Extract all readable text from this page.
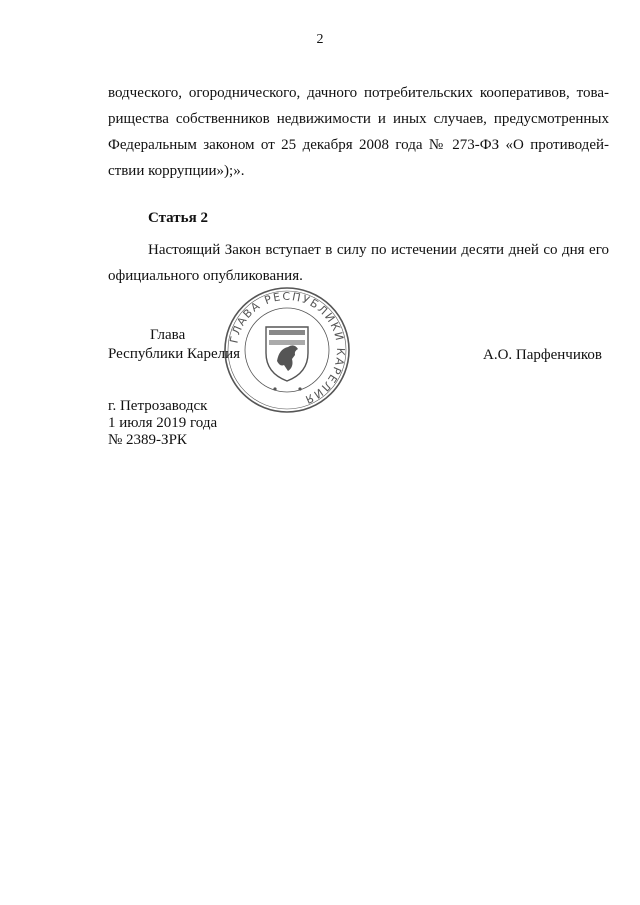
2
водческого, огороднического, дачного потребительских кооперативов, това-
рищества собственников недвижимости и иных случаев, предусмотренных
Федеральным законом от 25 декабря 2008 года № 273-ФЗ «О противодей-
ствии коррупции»);».
Статья 2
Настоящий Закон вступает в силу по истечении десяти дней со дня его
официального опубликования.
ГЛАВА РЕСПУБЛИКИ КАРЕЛИЯ
Глава
Республики Карелия	А.О. Парфенчиков
г. Петрозаводск
1 июля 2019 года
№ 2389-ЗРК
